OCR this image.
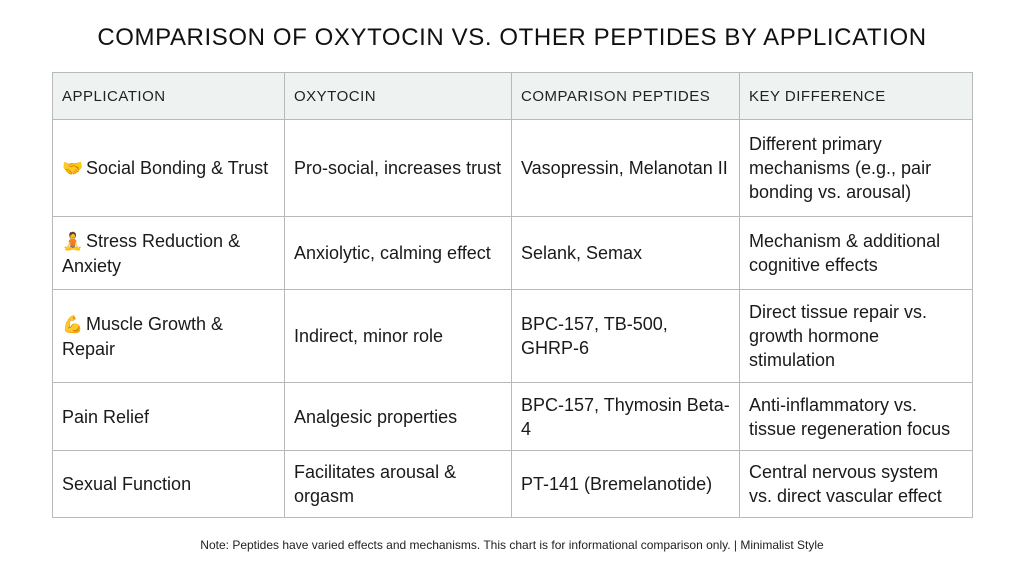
COMPARISON OF OXYTOCIN VS. OTHER PEPTIDES BY APPLICATION
APPLICATION	OXYTOCIN	COMPARISON PEPTIDES	KEY DIFFERENCE
🤝 Social Bonding & Trust	Pro-social, increases trust	Vasopressin, Melanotan II	Different primary mechanisms (e.g., pair bonding vs. arousal)
🧘 Stress Reduction & Anxiety	Anxiolytic, calming effect	Selank, Semax	Mechanism & additional cognitive effects
💪 Muscle Growth & Repair	Indirect, minor role	BPC-157, TB-500, GHRP-6	Direct tissue repair vs. growth hormone stimulation
Pain Relief	Analgesic properties	BPC-157, Thymosin Beta-4	Anti-inflammatory vs. tissue regeneration focus
Sexual Function	Facilitates arousal & orgasm	PT-141 (Bremelanotide)	Central nervous system vs. direct vascular effect
Note: Peptides have varied effects and mechanisms. This chart is for informational comparison only. | Minimalist Style
